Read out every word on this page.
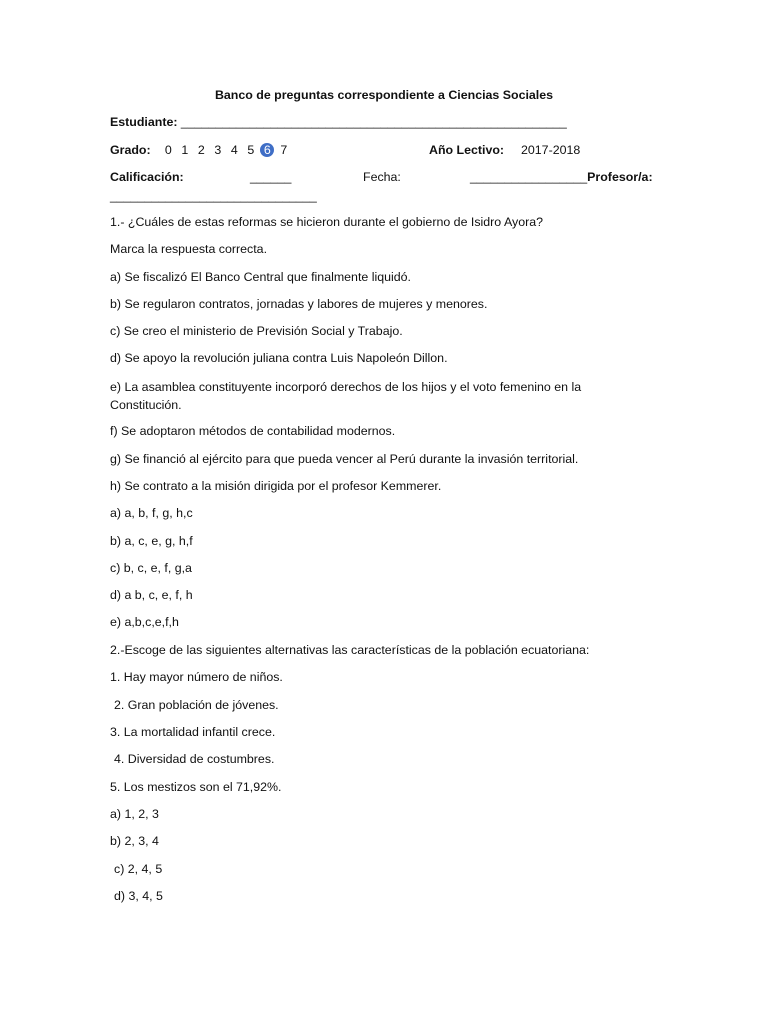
Banco de preguntas correspondiente a Ciencias Sociales
Estudiante: ________________________________________________________
Grado: 0 1 2 3 4 5 6 7	Año Lectivo: 2017-2018
Calificación:	______	Fecha:	_________________Profesor/a:
______________________________
1.- ¿Cuáles de estas reformas se hicieron durante el gobierno de Isidro Ayora?
Marca la respuesta correcta.
a) Se fiscalizó El Banco Central que finalmente liquidó.
b) Se regularon contratos, jornadas y labores de mujeres y menores.
c) Se creo el ministerio de Previsión Social y Trabajo.
d) Se apoyo la revolución juliana contra Luis Napoleón Dillon.
e) La asamblea constituyente incorporó derechos de los hijos y el voto femenino en la Constitución.
f) Se adoptaron métodos de contabilidad modernos.
g) Se financió al ejército para que pueda vencer al Perú durante la invasión territorial.
h) Se contrato a la misión dirigida por el profesor Kemmerer.
a) a, b, f, g, h,c
b) a, c, e, g, h,f
c) b, c, e, f, g,a
d) a b, c, e, f, h
e) a,b,c,e,f,h
2.-Escoge de las siguientes alternativas las características de la población ecuatoriana:
1. Hay mayor número de niños.
2. Gran población de jóvenes.
3. La mortalidad infantil crece.
4. Diversidad de costumbres.
5. Los mestizos son el 71,92%.
a) 1, 2, 3
b) 2, 3, 4
c) 2, 4, 5
d) 3, 4, 5
